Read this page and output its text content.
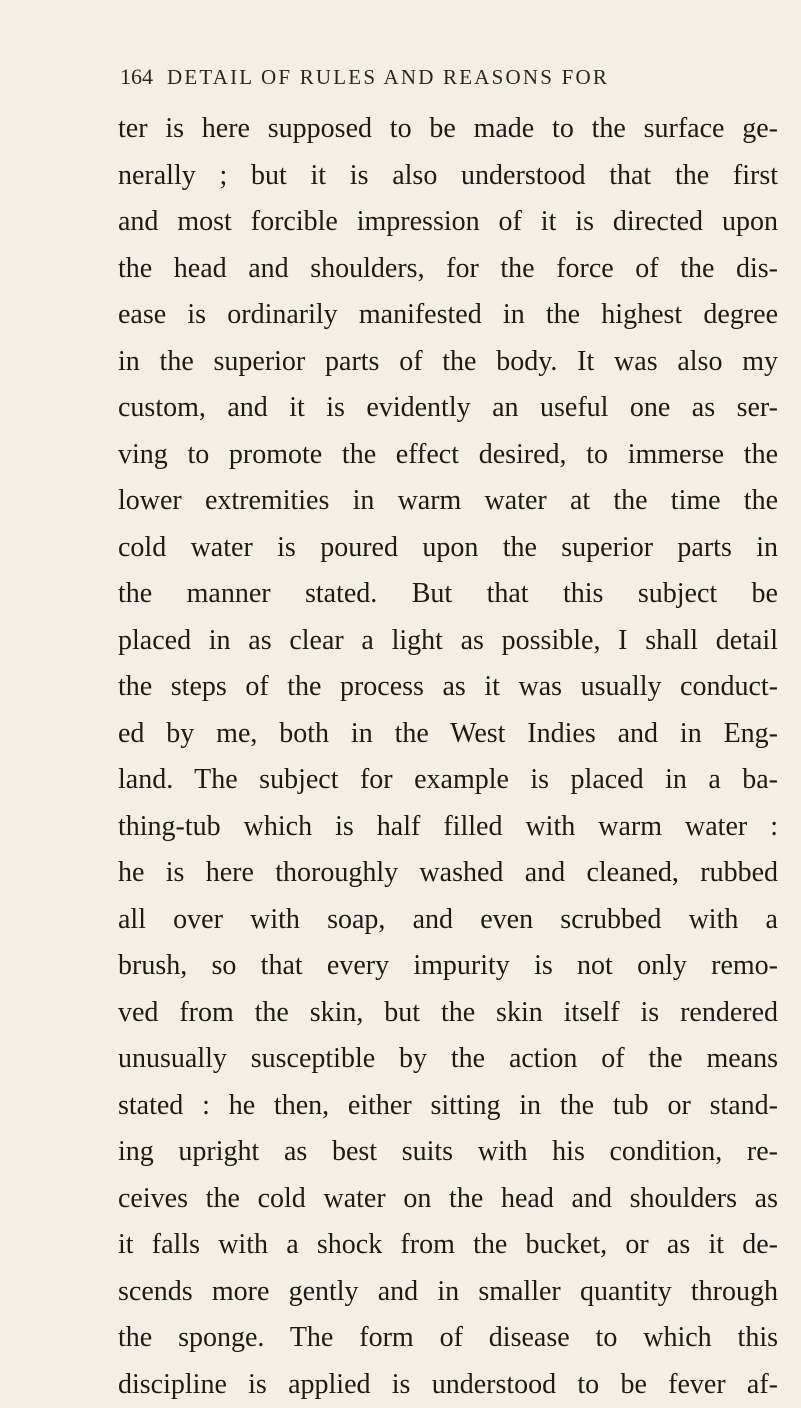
164 DETAIL OF RULES AND REASONS FOR
ter is here supposed to be made to the surface ge-
nerally ; but it is also understood that the first
and most forcible impression of it is directed upon
the head and shoulders, for the force of the dis-
ease is ordinarily manifested in the highest degree
in the superior parts of the body. It was also my
custom, and it is evidently an useful one as ser-
ving to promote the effect desired, to immerse the
lower extremities in warm water at the time the
cold water is poured upon the superior parts in
the manner stated. But that this subject be
placed in as clear a light as possible, I shall detail
the steps of the process as it was usually conduct-
ed by me, both in the West Indies and in Eng-
land. The subject for example is placed in a ba-
thing-tub which is half filled with warm water :
he is here thoroughly washed and cleaned, rubbed
all over with soap, and even scrubbed with a
brush, so that every impurity is not only remo-
ved from the skin, but the skin itself is rendered
unusually susceptible by the action of the means
stated : he then, either sitting in the tub or stand-
ing upright as best suits with his condition, re-
ceives the cold water on the head and shoulders as
it falls with a shock from the bucket, or as it de-
scends more gently and in smaller quantity through
the sponge. The form of disease to which this
discipline is applied is understood to be fever af-
